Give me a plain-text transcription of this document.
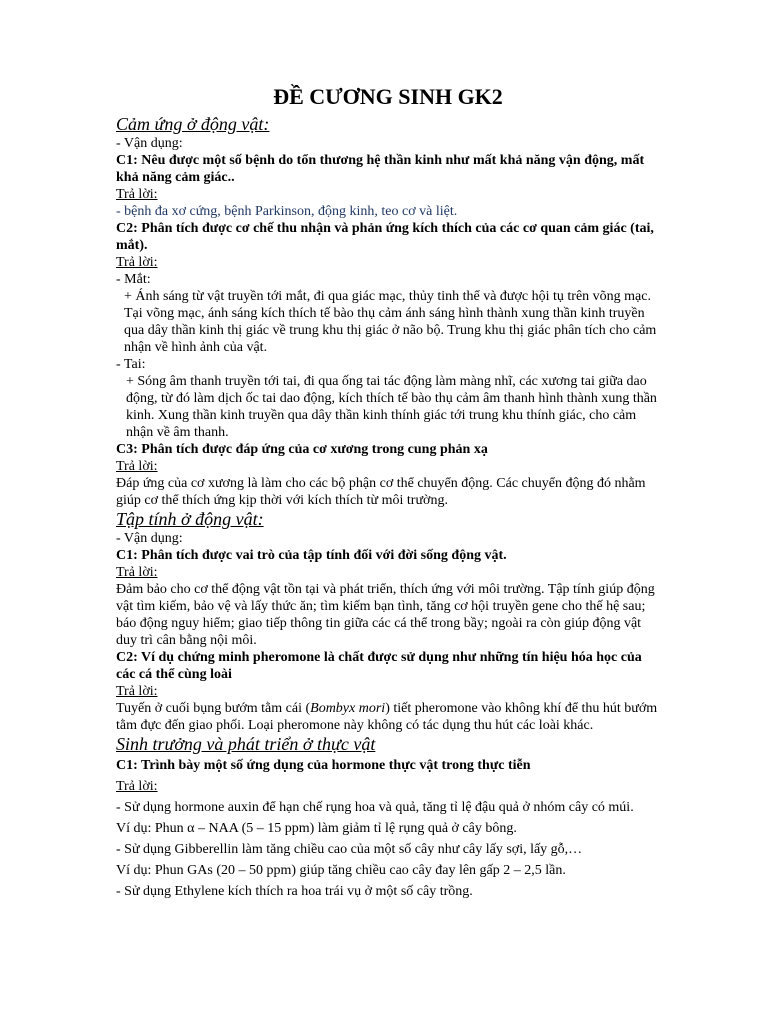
ĐỀ CƯƠNG SINH GK2
Cảm ứng ở động vật:
- Vận dụng:
C1: Nêu được một số bệnh do tổn thương hệ thần kinh như mất khả năng vận động, mất khả năng cảm giác..
Trả lời:
- bệnh đa xơ cứng, bệnh Parkinson, động kinh, teo cơ và liệt.
C2: Phân tích được cơ chế thu nhận và phản ứng kích thích của các cơ quan cảm giác (tai, mắt).
Trả lời:
- Mắt:
+ Ánh sáng từ vật truyền tới mắt, đi qua giác mạc, thủy tinh thể và được hội tụ trên võng mạc. Tại võng mạc, ánh sáng kích thích tế bào thụ cảm ánh sáng hình thành xung thần kinh truyền qua dây thần kinh thị giác về trung khu thị giác ở não bộ. Trung khu thị giác phân tích cho cảm nhận về hình ảnh của vật.
- Tai:
+ Sóng âm thanh truyền tới tai, đi qua ống tai tác động làm màng nhĩ, các xương tai giữa dao động, từ đó làm dịch ốc tai dao động, kích thích tế bào thụ cảm âm thanh hình thành xung thần kinh. Xung thần kinh truyền qua dây thần kinh thính giác tới trung khu thính giác, cho cảm nhận về âm thanh.
C3: Phân tích được đáp ứng của cơ xương trong cung phản xạ
Trả lời:
Đáp ứng của cơ xương là làm cho các bộ phận cơ thể chuyển động. Các chuyển động đó nhằm giúp cơ thể thích ứng kịp thời với kích thích từ môi trường.
Tập tính ở động vật:
- Vận dụng:
C1: Phân tích được vai trò của tập tính đối với đời sống động vật.
Trả lời:
Đảm bảo cho cơ thể động vật tồn tại và phát triển, thích ứng với môi trường. Tập tính giúp động vật tìm kiếm, bảo vệ và lấy thức ăn; tìm kiếm bạn tình, tăng cơ hội truyền gene cho thế hệ sau; báo động nguy hiểm; giao tiếp thông tin giữa các cá thể trong bầy; ngoài ra còn giúp động vật duy trì cân bằng nội môi.
C2: Ví dụ chứng minh pheromone là chất được sử dụng như những tín hiệu hóa học của các cá thể cùng loài
Trả lời:
Tuyến ở cuối bụng bướm tằm cái (Bombyx mori) tiết pheromone vào không khí để thu hút bướm tằm đực đến giao phối. Loại pheromone này không có tác dụng thu hút các loài khác.
Sinh trưởng và phát triển ở thực vật
C1: Trình bày một số ứng dụng của hormone thực vật trong thực tiễn
Trả lời:
- Sử dụng hormone auxin để hạn chế rụng hoa và quả, tăng tỉ lệ đậu quả ở nhóm cây có múi.
Ví dụ: Phun α – NAA (5 – 15 ppm) làm giảm tỉ lệ rụng quả ở cây bông.
- Sử dụng Gibberellin làm tăng chiều cao của một số cây như cây lấy sợi, lấy gỗ,…
Ví dụ: Phun GAs (20 – 50 ppm) giúp tăng chiều cao cây đay lên gấp 2 – 2,5 lần.
- Sử dụng Ethylene kích thích ra hoa trái vụ ở một số cây trồng.
